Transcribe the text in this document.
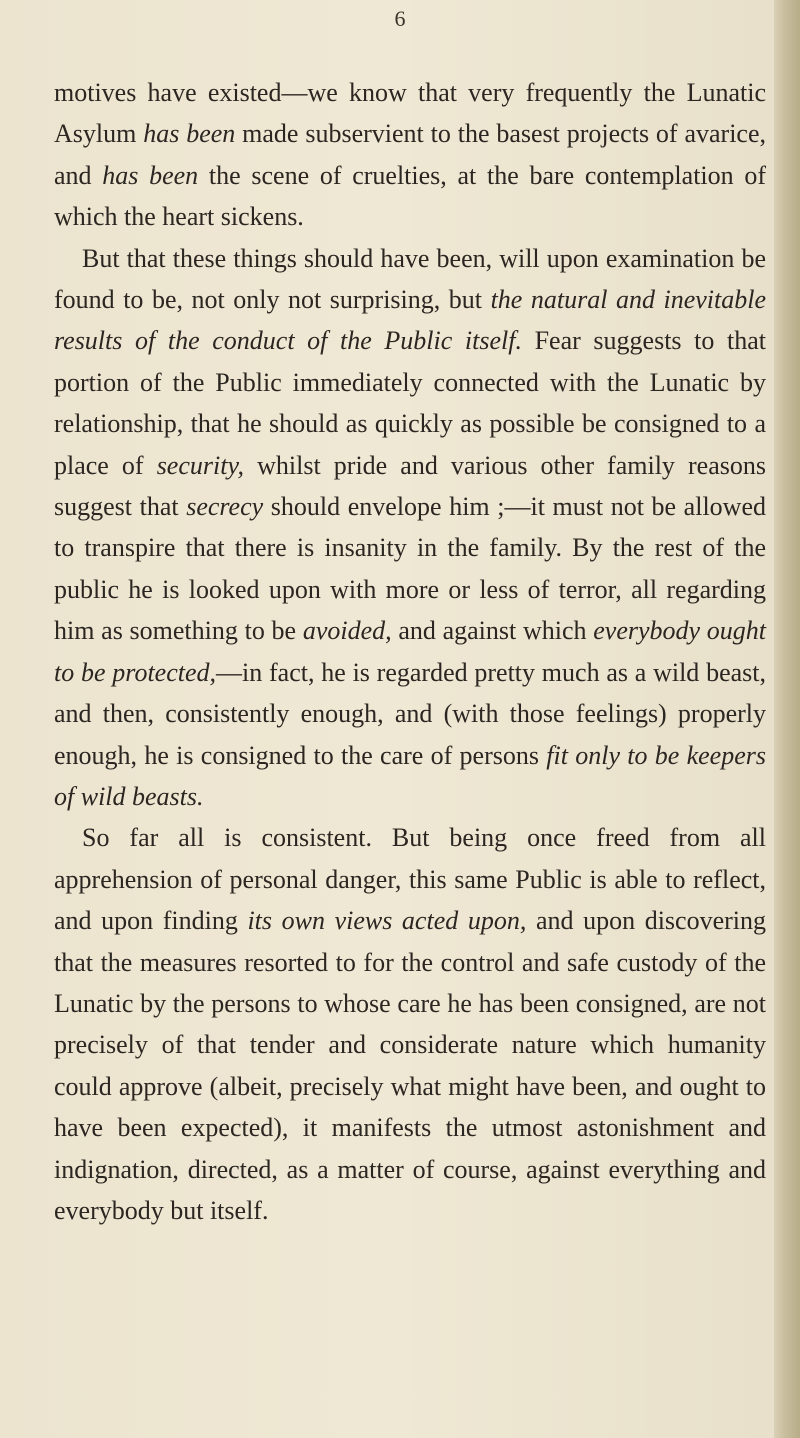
6

motives have existed—we know that very frequently the Lunatic Asylum has been made subservient to the basest projects of avarice, and has been the scene of cruelties, at the bare contemplation of which the heart sickens.

But that these things should have been, will upon examination be found to be, not only not surprising, but the natural and inevitable results of the conduct of the Public itself. Fear suggests to that portion of the Public immediately connected with the Lunatic by relationship, that he should as quickly as possible be consigned to a place of security, whilst pride and various other family reasons suggest that secrecy should envelope him ;—it must not be allowed to transpire that there is insanity in the family. By the rest of the public he is looked upon with more or less of terror, all regarding him as something to be avoided, and against which everybody ought to be protected,—in fact, he is regarded pretty much as a wild beast, and then, consistently enough, and (with those feelings) properly enough, he is consigned to the care of persons fit only to be keepers of wild beasts.

So far all is consistent. But being once freed from all apprehension of personal danger, this same Public is able to reflect, and upon finding its own views acted upon, and upon discovering that the measures resorted to for the control and safe custody of the Lunatic by the persons to whose care he has been consigned, are not precisely of that tender and considerate nature which humanity could approve (albeit, precisely what might have been, and ought to have been expected), it manifests the utmost astonishment and indignation, directed, as a matter of course, against everything and everybody but itself.
